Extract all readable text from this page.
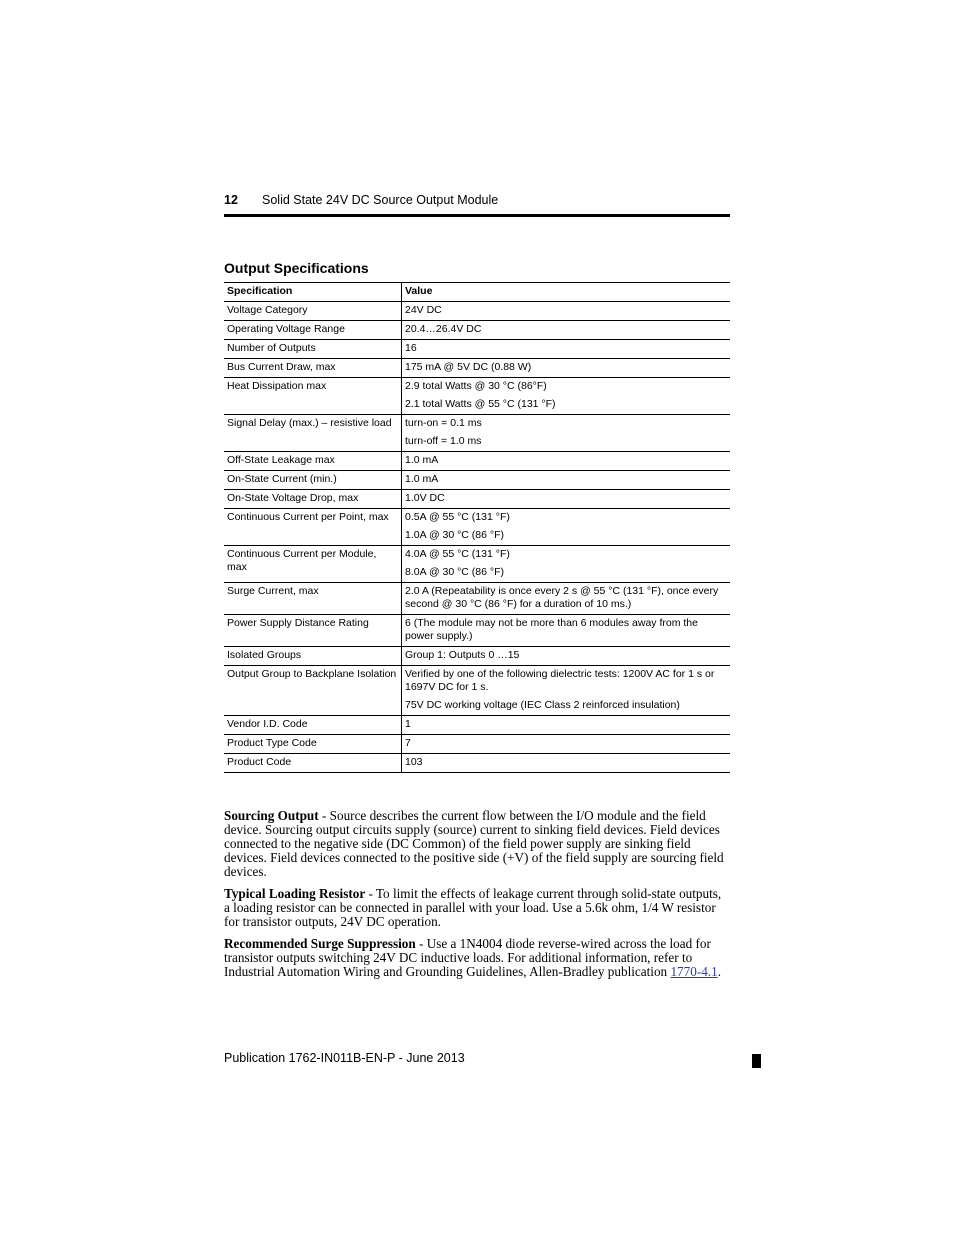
12 Solid State 24V DC Source Output Module
Output Specifications
Specification	Value
Voltage Category	24V DC

Operating Voltage Range	20.4…26.4V DC

Number of Outputs	16

Bus Current Draw, max	175 mA @ 5V DC (0.88 W)

Heat Dissipation max	2.9 total Watts @ 30 °C (86°F)
2.1 total Watts @ 55 °C (131 °F)

Signal Delay (max.) – resistive load	turn-on = 0.1 ms
turn-off = 1.0 ms

Off-State Leakage max	1.0 mA

On-State Current (min.)	1.0 mA

On-State Voltage Drop, max	1.0V DC

Continuous Current per Point, max	0.5A @ 55 °C (131 °F)
1.0A @ 30 °C (86 °F)

Continuous Current per Module, max	4.0A @ 55 °C (131 °F)
8.0A @ 30 °C (86 °F)

Surge Current, max	2.0 A (Repeatability is once every 2 s @ 55 °C (131 °F), once every second @ 30 °C (86 °F) for a duration of 10 ms.)

Power Supply Distance Rating	6 (The module may not be more than 6 modules away from the power supply.)

Isolated Groups	Group 1: Outputs 0 …15

Output Group to Backplane Isolation	Verified by one of the following dielectric tests: 1200V AC for 1 s or 1697V DC for 1 s.
75V DC working voltage (IEC Class 2 reinforced insulation)

Vendor I.D. Code	1

Product Type Code	7

Product Code	103

Sourcing Output - Source describes the current flow between the I/O module and the field device. Sourcing output circuits supply (source) current to sinking field devices. Field devices connected to the negative side (DC Common) of the field power supply are sinking field devices. Field devices connected to the positive side (+V) of the field supply are sourcing field devices.

Typical Loading Resistor - To limit the effects of leakage current through solid-state outputs, a loading resistor can be connected in parallel with your load. Use a 5.6k ohm, 1/4 W resistor for transistor outputs, 24V DC operation.

Recommended Surge Suppression - Use a 1N4004 diode reverse-wired across the load for transistor outputs switching 24V DC inductive loads. For additional information, refer to Industrial Automation Wiring and Grounding Guidelines, Allen-Bradley publication 1770-4.1.

Publication 1762-IN011B-EN-P - June 2013
